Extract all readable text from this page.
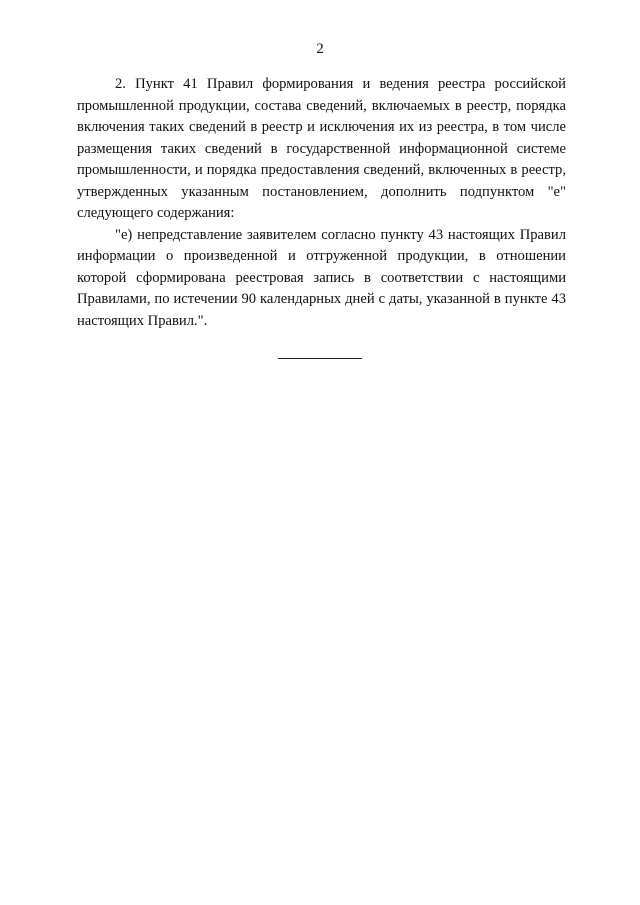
2

2. Пункт 41 Правил формирования и ведения реестра российской промышленной продукции, состава сведений, включаемых в реестр, порядка включения таких сведений в реестр и исключения их из реестра, в том числе размещения таких сведений в государственной информационной системе промышленности, и порядка предоставления сведений, включенных в реестр, утвержденных указанным постановлением, дополнить подпунктом "е" следующего содержания:

"е) непредставление заявителем согласно пункту 43 настоящих Правил информации о произведенной и отгруженной продукции, в отношении которой сформирована реестровая запись в соответствии с настоящими Правилами, по истечении 90 календарных дней с даты, указанной в пункте 43 настоящих Правил.".
